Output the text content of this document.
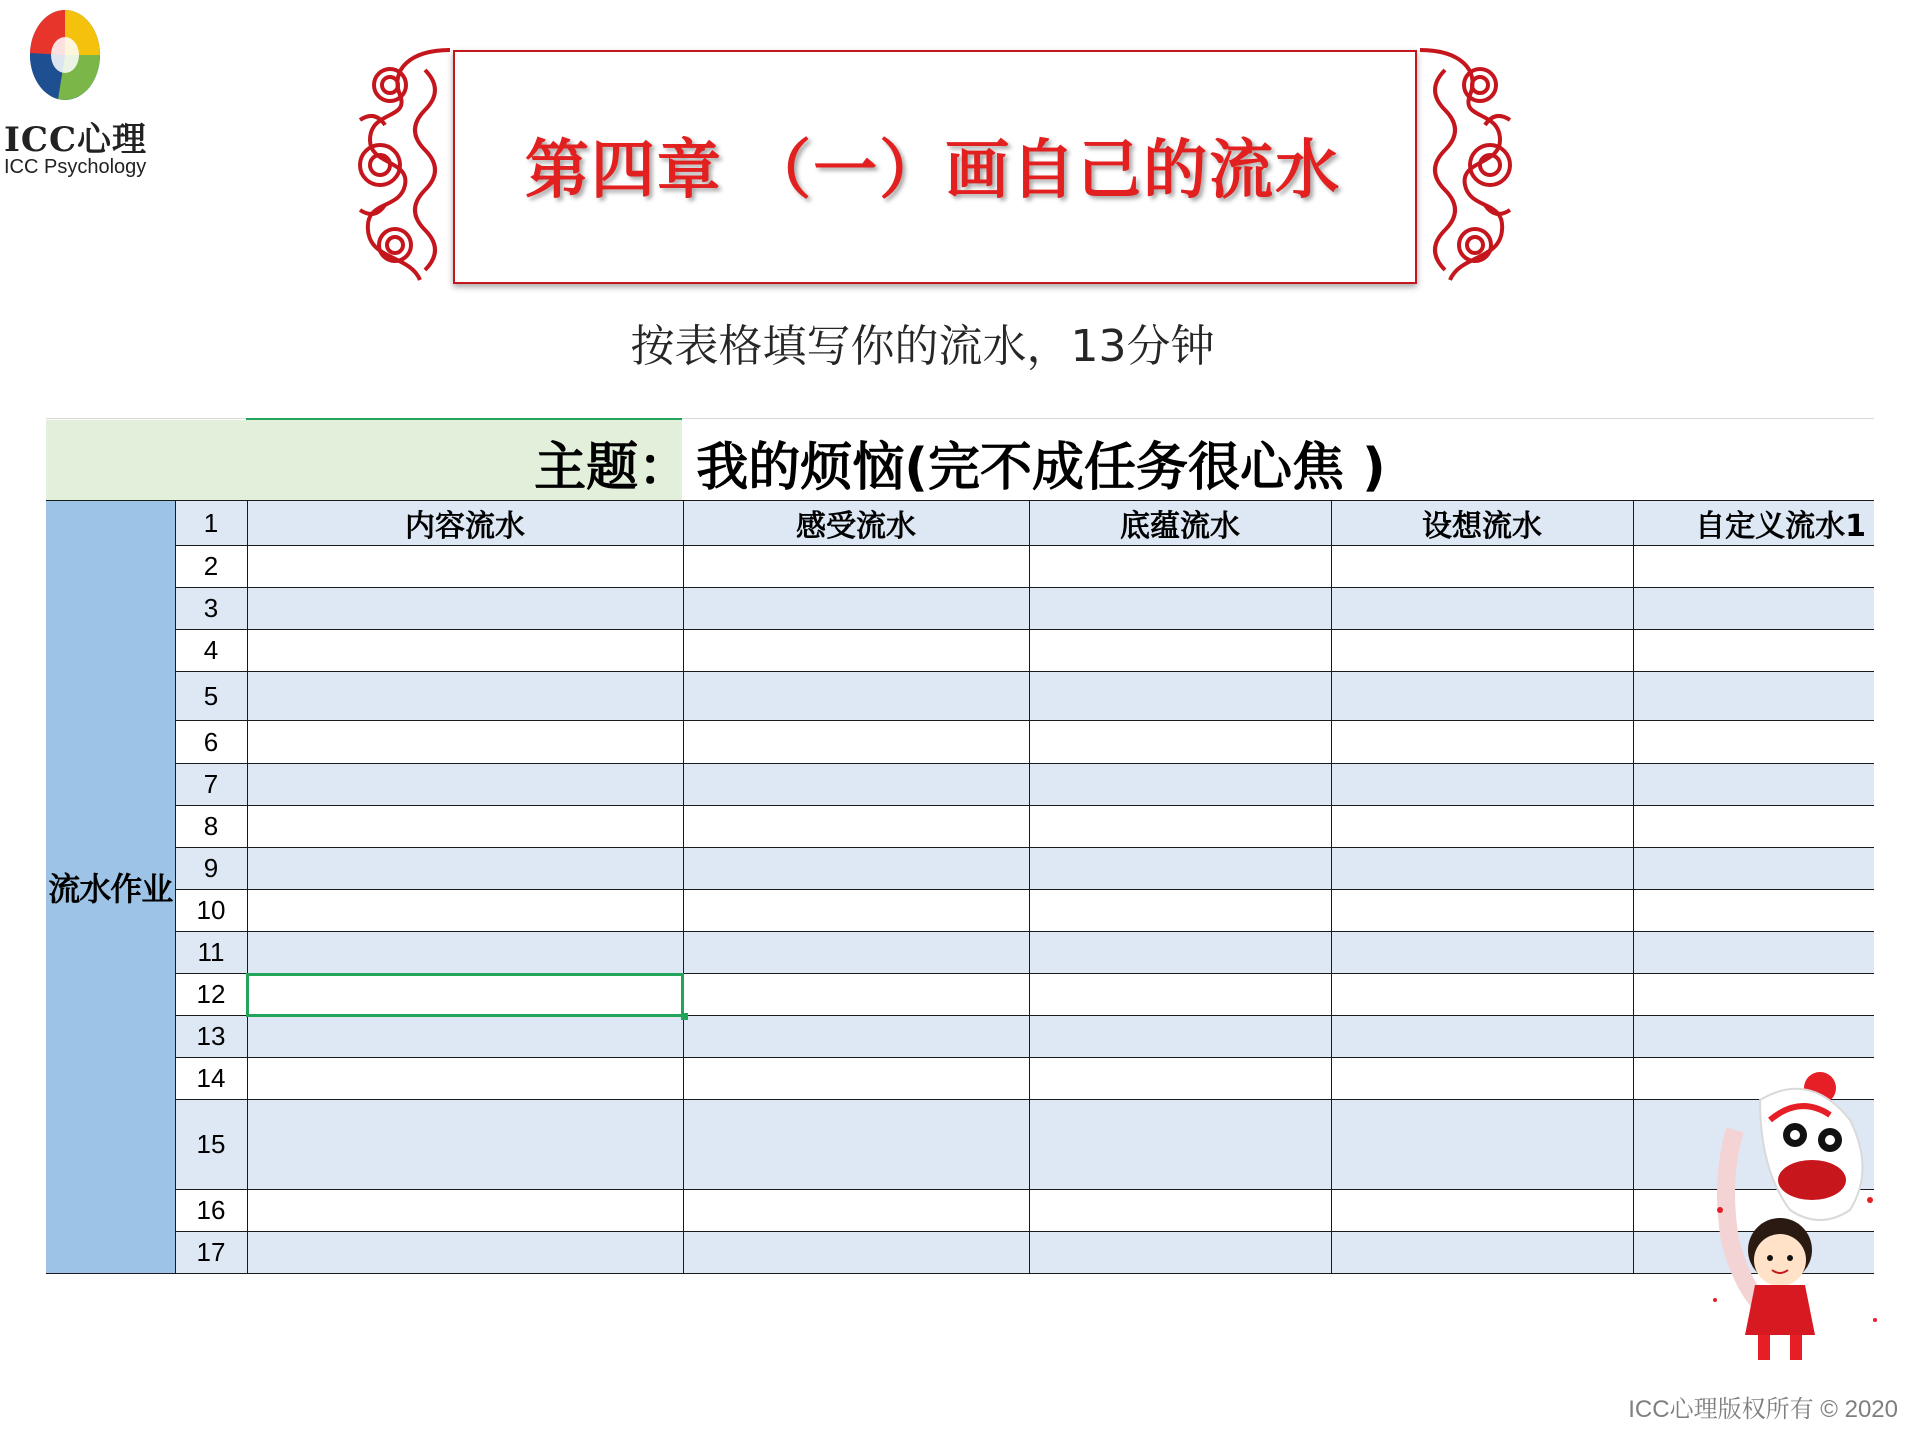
ICC心理
ICC Psychology	第四章 （一）画自己的流水
按表格填写你的流水，13分钟
主题： 我的烦恼(完不成任务很心焦 )
流水作业	1	内容流水	感受流水	底蕴流水	设想流水	自定义流水1
	2					
	3					
	4					
	5					
	6					
	7					
	8					
	9					
	10					
	11					
	12	

	13					
	14					
	15					
	16					
	17					
ICC心理版权所有 © 2020
